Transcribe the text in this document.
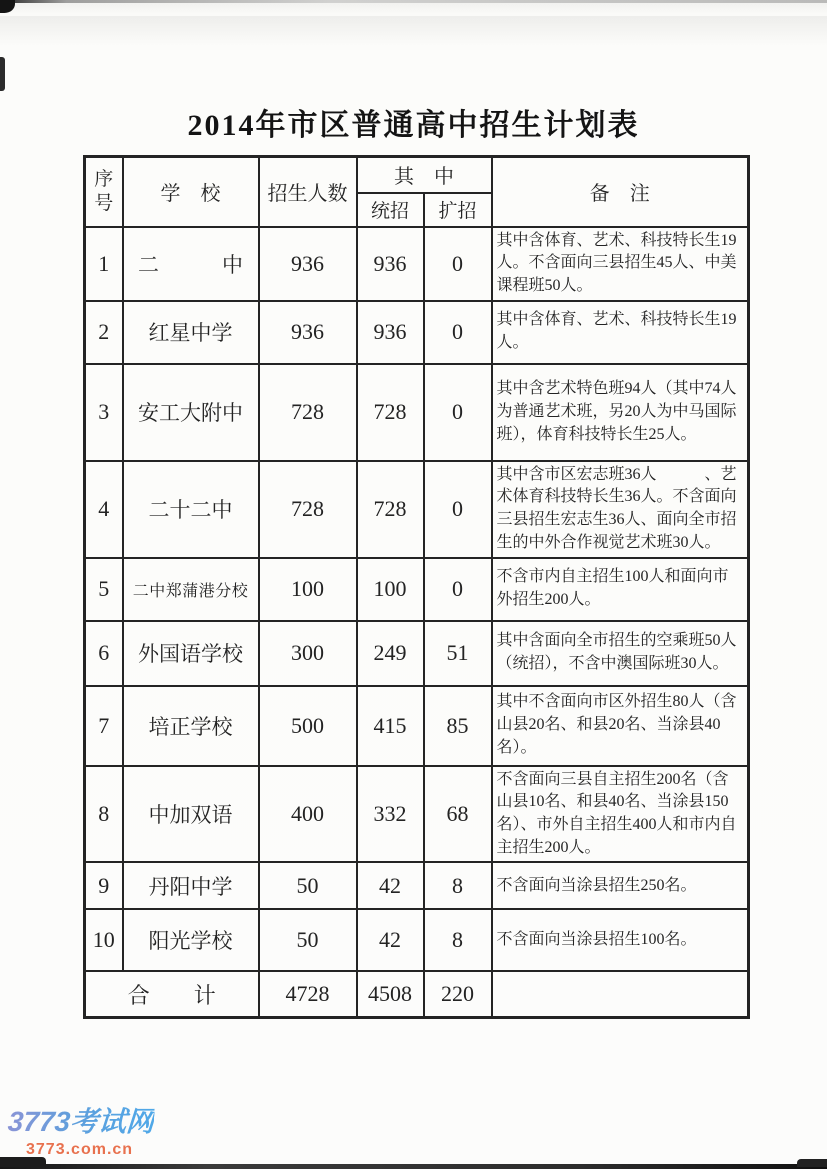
2014年市区普通高中招生计划表
序号	学　校	招生人数	其　中		备　注
			统招	扩招	
1	二　　　中	936	936	0	其中含体育、艺术、科技特长生19人。不含面向三县招生45人、中美课程班50人。
2	红星中学	936	936	0	其中含体育、艺术、科技特长生19人。
3	安工大附中	728	728	0	其中含艺术特色班94人（其中74人为普通艺术班，另20人为中马国际班），体育科技特长生25人。
4	二十二中	728	728	0	其中含市区宏志班36人　　　、艺术体育科技特长生36人。不含面向三县招生宏志生36人、面向全市招生的中外合作视觉艺术班30人。
5	二中郑蒲港分校	100	100	0	不含市内自主招生100人和面向市外招生200人。
6	外国语学校	300	249	51	其中含面向全市招生的空乘班50人（统招），不含中澳国际班30人。
7	培正学校	500	415	85	其中不含面向市区外招生80人（含山县20名、和县20名、当涂县40名）。
8	中加双语	400	332	68	不含面向三县自主招生200名（含山县10名、和县40名、当涂县150名）、市外自主招生400人和市内自主招生200人。
9	丹阳中学	50	42	8	不含面向当涂县招生250名。
10	阳光学校	50	42	8	不含面向当涂县招生100名。
合　　计		4728	4508	220	
3773考试网
3773.com.cn
